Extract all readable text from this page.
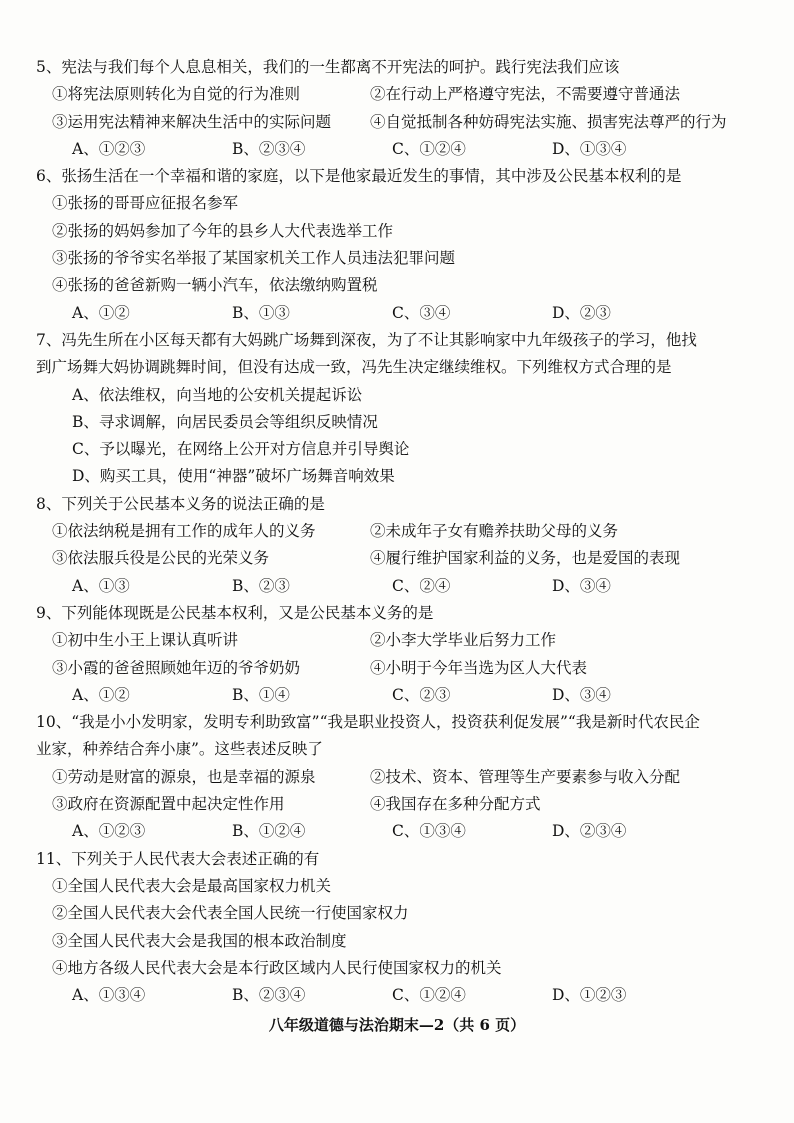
5、宪法与我们每个人息息相关，我们的一生都离不开宪法的呵护。践行宪法我们应该
①将宪法原则转化为自觉的行为准则	②在行动上严格遵守宪法，不需要遵守普通法
③运用宪法精神来解决生活中的实际问题	④自觉抵制各种妨碍宪法实施、损害宪法尊严的行为
A、①②③	B、②③④	C、①②④	D、①③④
6、张扬生活在一个幸福和谐的家庭，以下是他家最近发生的事情，其中涉及公民基本权利的是
①张扬的哥哥应征报名参军
②张扬的妈妈参加了今年的县乡人大代表选举工作
③张扬的爷爷实名举报了某国家机关工作人员违法犯罪问题
④张扬的爸爸新购一辆小汽车，依法缴纳购置税
A、①②	B、①③	C、③④	D、②③
7、冯先生所在小区每天都有大妈跳广场舞到深夜，为了不让其影响家中九年级孩子的学习，他找
到广场舞大妈协调跳舞时间，但没有达成一致，冯先生决定继续维权。下列维权方式合理的是
A、依法维权，向当地的公安机关提起诉讼
B、寻求调解，向居民委员会等组织反映情况
C、予以曝光，在网络上公开对方信息并引导舆论
D、购买工具，使用“神器”破坏广场舞音响效果
8、下列关于公民基本义务的说法正确的是
①依法纳税是拥有工作的成年人的义务	②未成年子女有赡养扶助父母的义务
③依法服兵役是公民的光荣义务	④履行维护国家利益的义务，也是爱国的表现
A、①③	B、②③	C、②④	D、③④
9、下列能体现既是公民基本权利，又是公民基本义务的是
①初中生小王上课认真听讲	②小李大学毕业后努力工作
③小霞的爸爸照顾她年迈的爷爷奶奶	④小明于今年当选为区人大代表
A、①②	B、①④	C、②③	D、③④
10、“我是小小发明家，发明专利助致富”“我是职业投资人，投资获利促发展”“我是新时代农民企
业家，种养结合奔小康”。这些表述反映了
①劳动是财富的源泉，也是幸福的源泉	②技术、资本、管理等生产要素参与收入分配
③政府在资源配置中起决定性作用	④我国存在多种分配方式
A、①②③	B、①②④	C、①③④	D、②③④
11、下列关于人民代表大会表述正确的有
①全国人民代表大会是最高国家权力机关
②全国人民代表大会代表全国人民统一行使国家权力
③全国人民代表大会是我国的根本政治制度
④地方各级人民代表大会是本行政区域内人民行使国家权力的机关
A、①③④	B、②③④	C、①②④	D、①②③
八年级道德与法治期末—2（共 6 页）
